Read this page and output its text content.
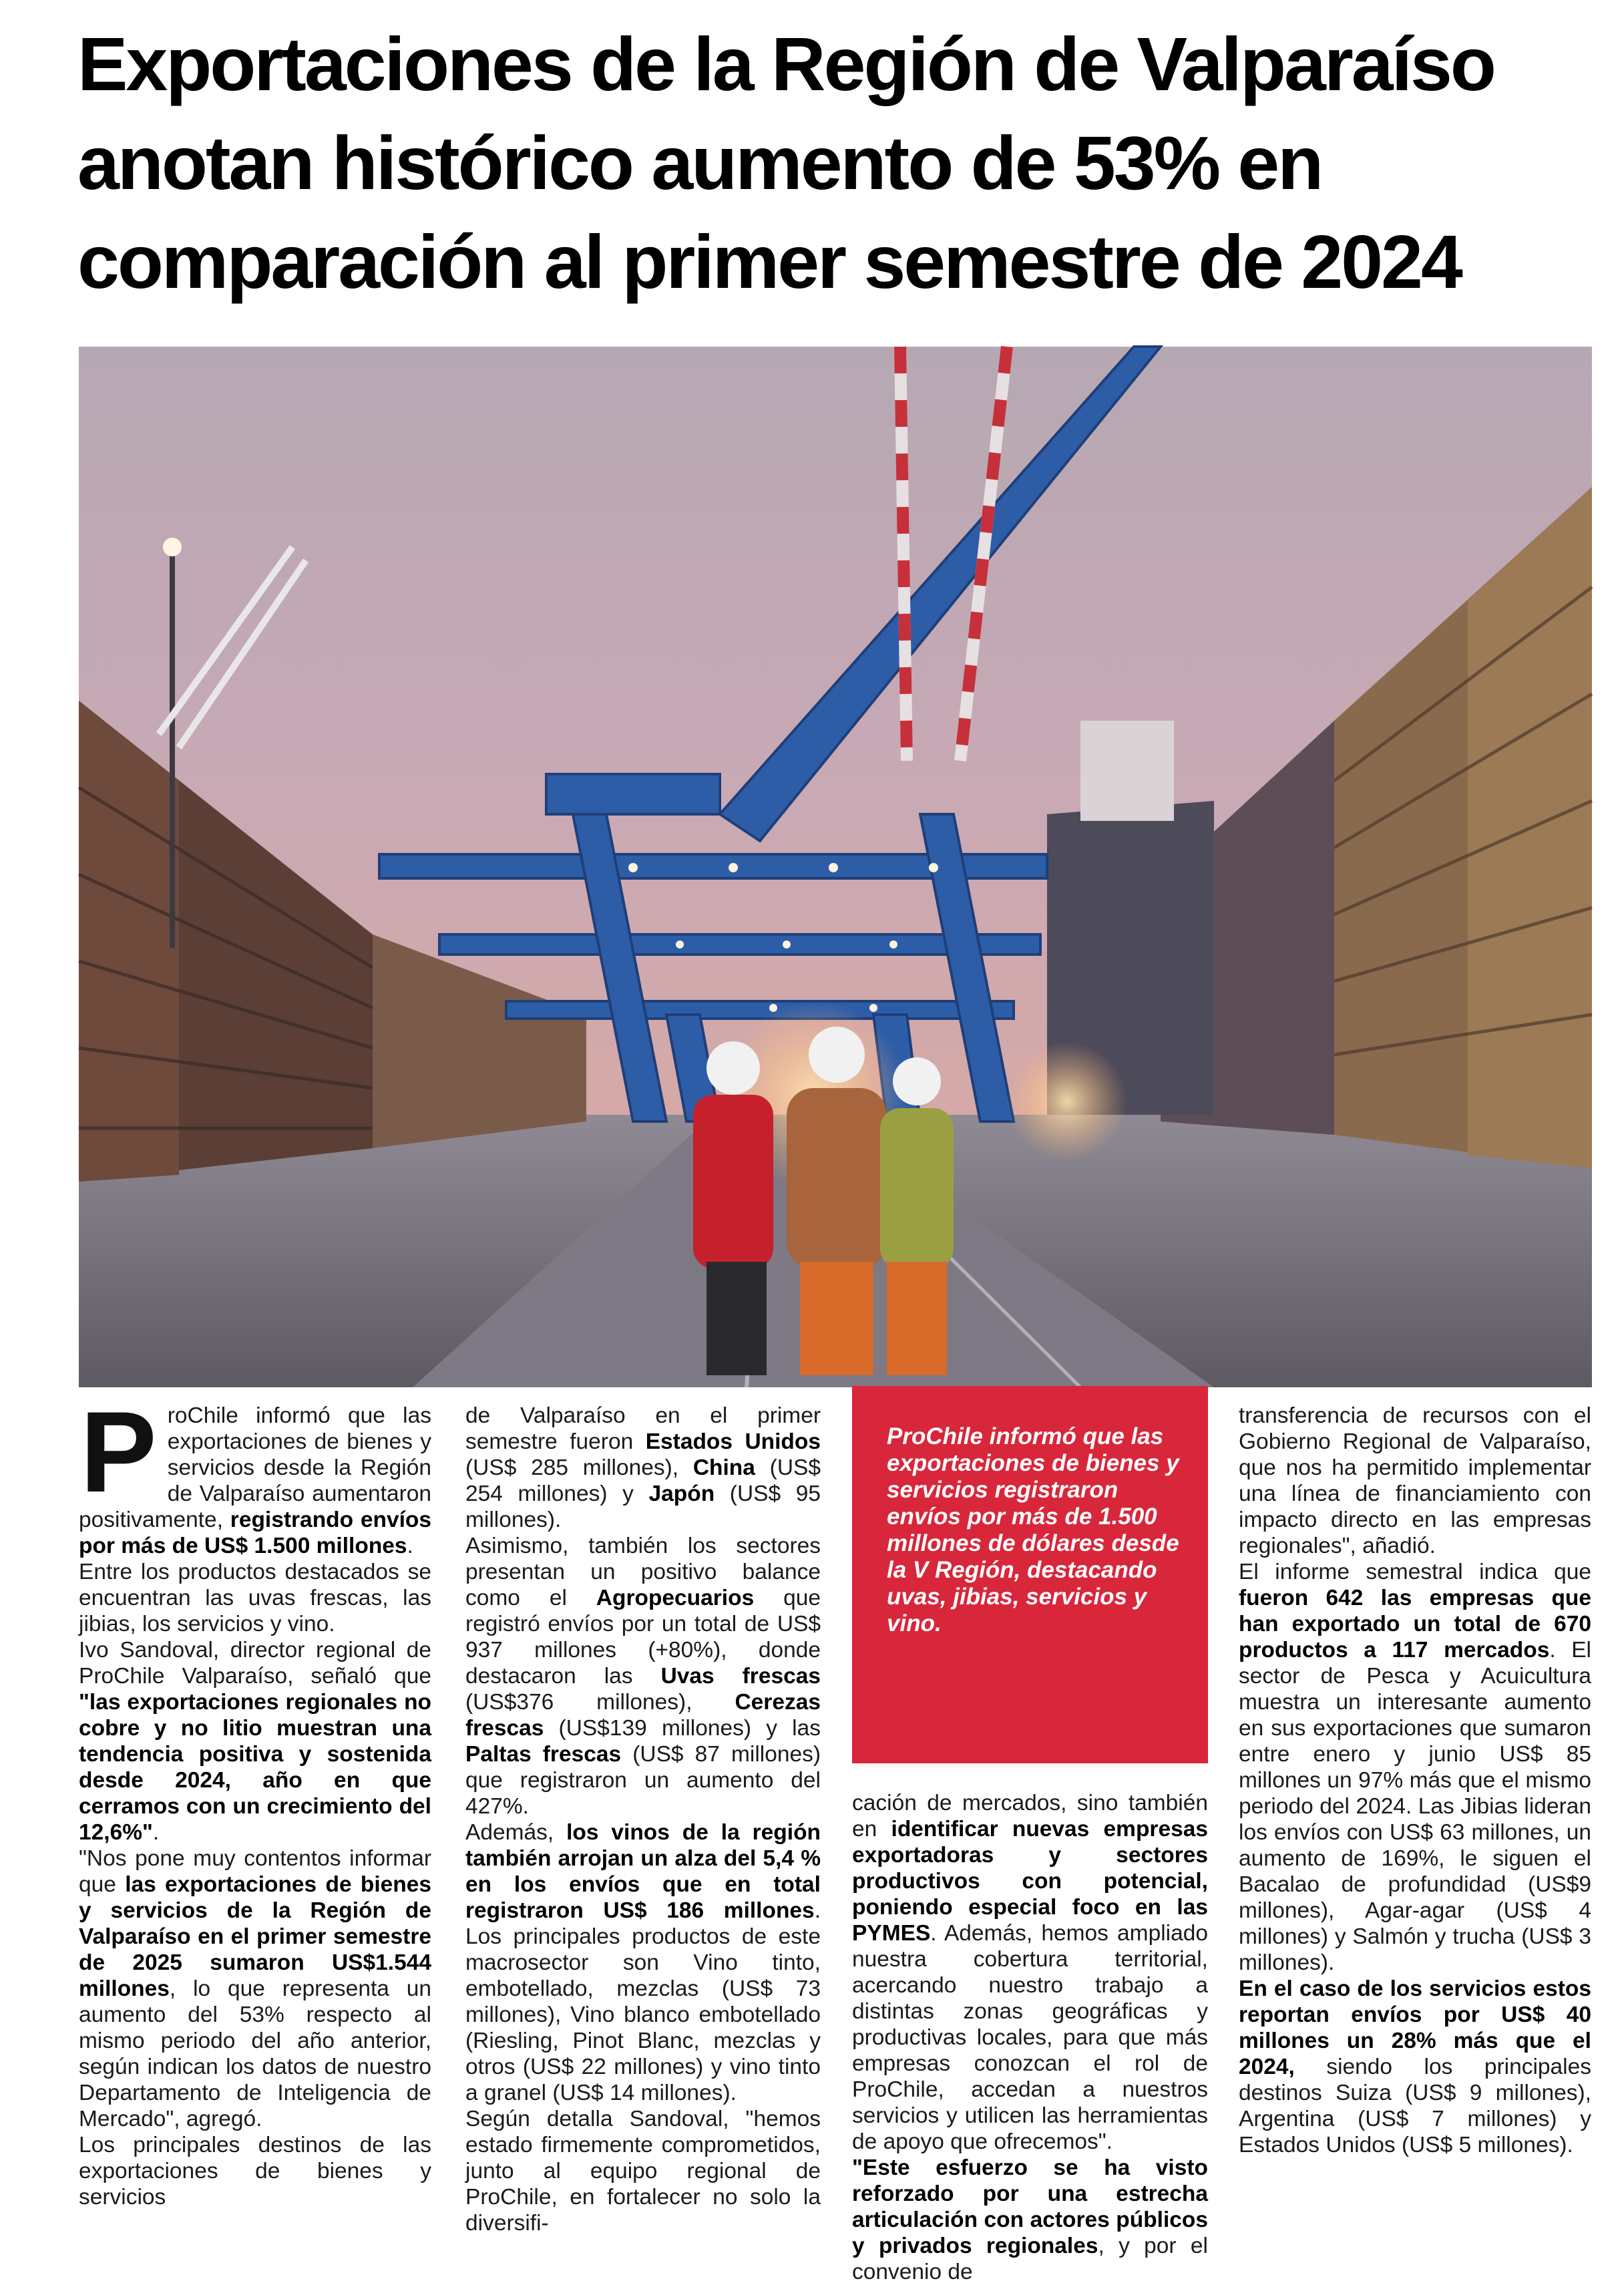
Exportaciones de la Región de Valparaíso anotan histórico aumento de 53% en comparación al primer semestre de 2024
P roChile informó que las exportaciones de bienes y servicios desde la Región de Valparaíso aumentaron positivamente, registrando envíos por más de US$ 1.500 millones.

Entre los productos destacados se encuentran las uvas frescas, las jibias, los servicios y vino.

Ivo Sandoval, director regional de ProChile Valparaíso, señaló que "las exportaciones regionales no cobre y no litio muestran una tendencia positiva y sostenida desde 2024, año en que cerramos con un crecimiento del 12,6%".

"Nos pone muy contentos informar que las exportaciones de bienes y servicios de la Región de Valparaíso en el primer semestre de 2025 sumaron US$1.544 millones, lo que representa un aumento del 53% respecto al mismo periodo del año anterior, según indican los datos de nuestro Departamento de Inteligencia de Mercado", agregó.

Los principales destinos de las exportaciones de bienes y servicios

de Valparaíso en el primer semestre fueron Estados Unidos (US$ 285 millones), China (US$ 254 millones) y Japón (US$ 95 millones).

Asimismo, también los sectores presentan un positivo balance como el Agropecuarios que registró envíos por un total de US$ 937 millones (+80%), donde destacaron las Uvas frescas (US$376 millones), Cerezas frescas (US$139 millones) y las Paltas frescas (US$ 87 millones) que registraron un aumento del 427%.

Además, los vinos de la región también arrojan un alza del 5,4 % en los envíos que en total registraron US$ 186 millones. Los principales productos de este macrosector son Vino tinto, embotellado, mezclas (US$ 73 millones), Vino blanco embotellado (Riesling, Pinot Blanc, mezclas y otros (US$ 22 millones) y vino tinto a granel (US$ 14 millones).

Según detalla Sandoval, "hemos estado firmemente comprometidos, junto al equipo regional de ProChile, en fortalecer no solo la diversifi-

ProChile informó que las exportaciones de bienes y servicios registraron envíos por más de 1.500 millones de dólares desde la V Región, destacando uvas, jibias, servicios y vino.

cación de mercados, sino también en identificar nuevas empresas exportadoras y sectores productivos con potencial, poniendo especial foco en las PYMES. Además, hemos ampliado nuestra cobertura territorial, acercando nuestro trabajo a distintas zonas geográficas y productivas locales, para que más empresas conozcan el rol de ProChile, accedan a nuestros servicios y utilicen las herramientas de apoyo que ofrecemos".

"Este esfuerzo se ha visto reforzado por una estrecha articulación con actores públicos y privados regionales, y por el convenio de

transferencia de recursos con el Gobierno Regional de Valparaíso, que nos ha permitido implementar una línea de financiamiento con impacto directo en las empresas regionales", añadió.

El informe semestral indica que fueron 642 las empresas que han exportado un total de 670 productos a 117 mercados. El sector de Pesca y Acuicultura muestra un interesante aumento en sus exportaciones que sumaron entre enero y junio US$ 85 millones un 97% más que el mismo periodo del 2024. Las Jibias lideran los envíos con US$ 63 millones, un aumento de 169%, le siguen el Bacalao de profundidad (US$9 millones), Agar-agar (US$ 4 millones) y Salmón y trucha (US$ 3 millones).

En el caso de los servicios estos reportan envíos por US$ 40 millones un 28% más que el 2024, siendo los principales destinos Suiza (US$ 9 millones), Argentina (US$ 7 millones) y Estados Unidos (US$ 5 millones).
